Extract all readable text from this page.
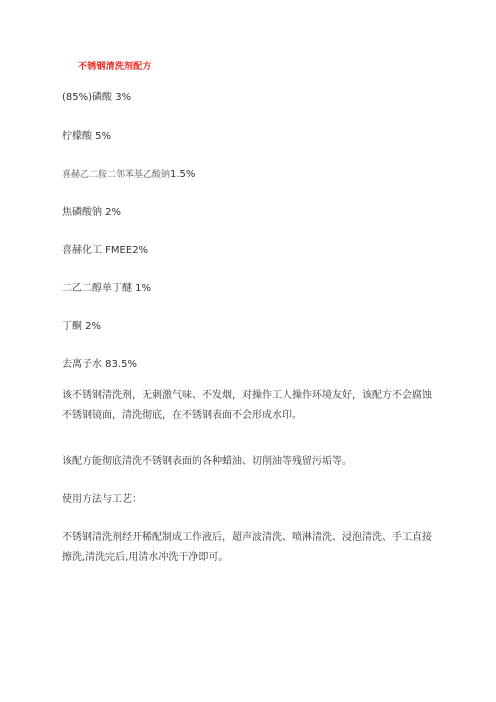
不锈钢清洗剂配方
(85%)磷酸 3%
柠檬酸 5%
喜赫乙二胺二邻苯基乙酸钠1.5%
焦磷酸钠 2%
喜赫化工 FMEE2%
二乙二醇单丁醚 1%
丁酮 2%
去离子水 83.5%
该不锈钢清洗剂，无刺激气味、不发烟，对操作工人操作环境友好，该配方不会腐蚀不锈钢镜面，清洗彻底，在不锈钢表面不会形成水印。
该配方能彻底清洗不锈钢表面的各种蜡油、切削油等残留污垢等。
使用方法与工艺：
不锈钢清洗剂经开稀配制成工作液后，超声波清洗、喷淋清洗、浸泡清洗、手工直接擦洗,清洗完后,用清水冲洗干净即可。
